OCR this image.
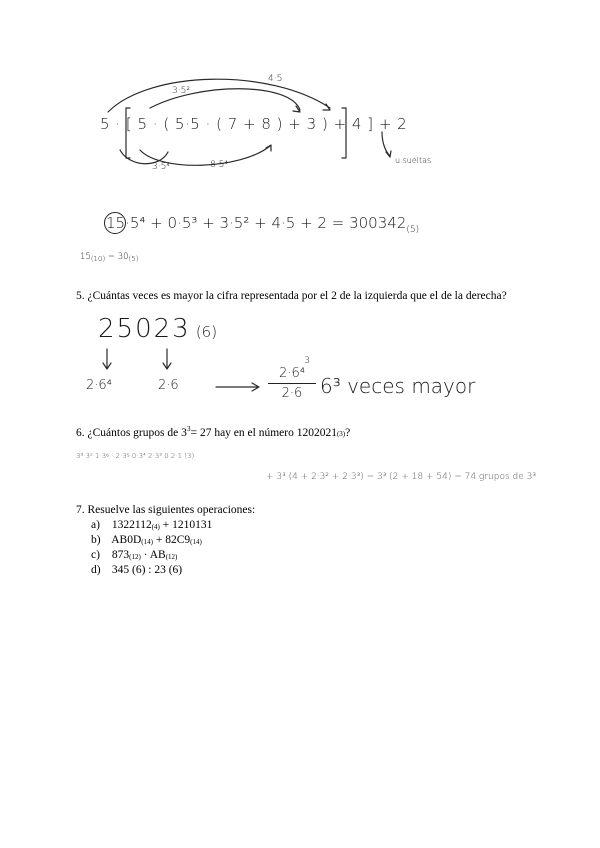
5 · [ 5 · ( 5·5 · ( 7 + 8 ) + 3 ) + 4 ] + 2
4·5
3·5²
3·5⁴	8·5⁴	u.sueltas
$15\cdot 5^4 + 0\cdot 5^3 + 3\cdot 5^2 + 4\cdot 5 + 2 = 300342_{(5)}$
$15_{(10)} = 30_{(5)}$
5. ¿Cuántas veces es mayor la cifra representada por el 2 de la izquierda que el de la derecha?
25023 (6)
2·6⁴	2·6
3
2·6⁴
2·6 6³ veces mayor
6. ¿Cuántos grupos de $3^3= 27$ hay en el número 1202021(3)?
3³·3² 1·3⁶ · 2·3⁵ 0·3⁴ 2·3³ 0 2 1 (3)
+ 3³ (4 + 2·3² + 2·3³) = 3³ (2 + 18 + 54) = 74 grupos de 3³
7. Resuelve las siguientes operaciones:
a) 1322112(4) + 1210131
b) AB0D(14) + 82C9(14)
c) 873(12) · AB(12)
d) 345 (6) : 23 (6)
